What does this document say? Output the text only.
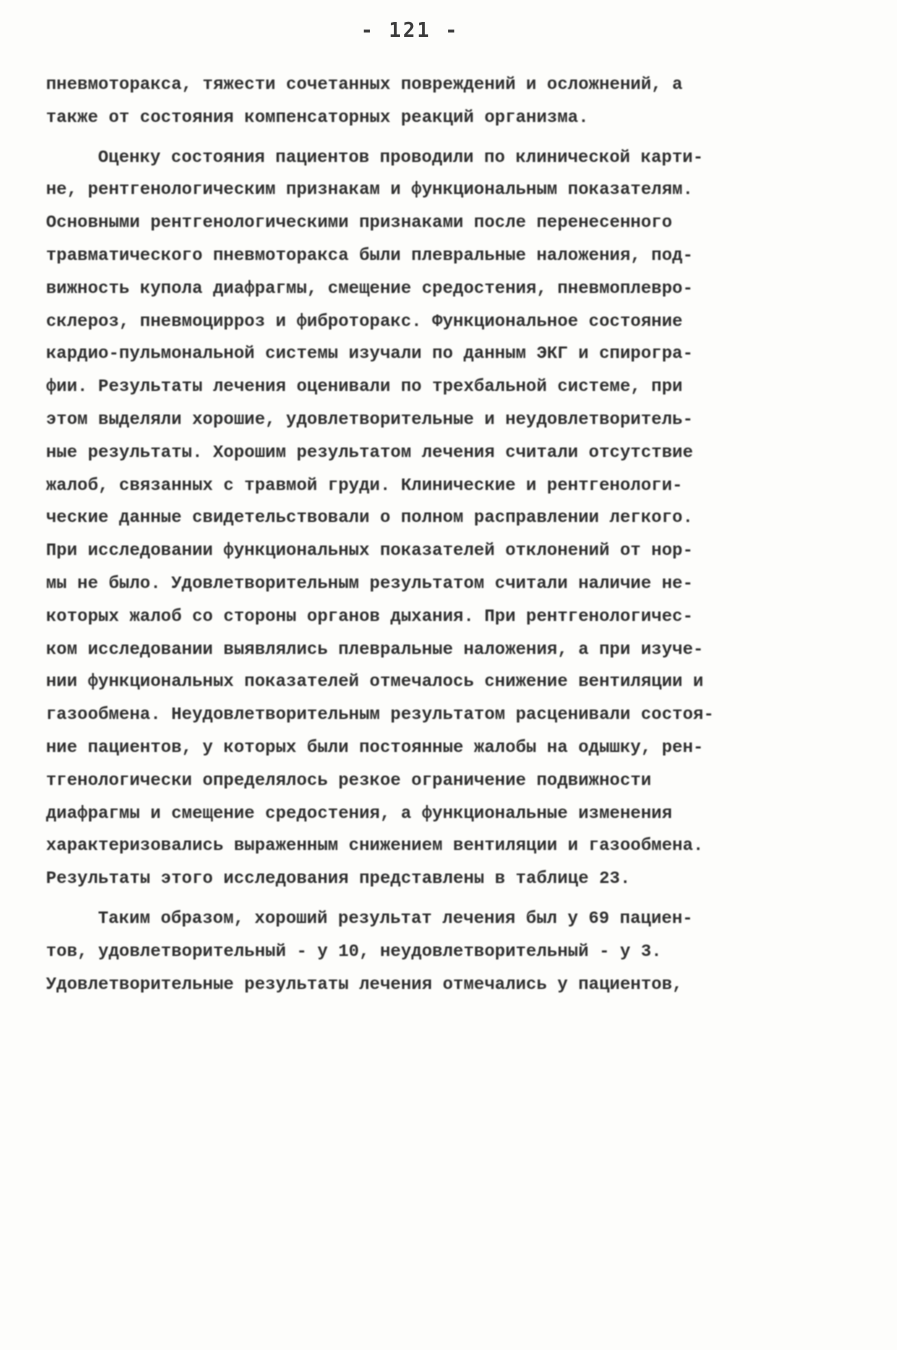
- 121 -
пневмоторакса, тяжести сочетанных повреждений и осложнений, а
также от состояния компенсаторных реакций организма.
Оценку состояния пациентов проводили по клинической карти-
не, рентгенологическим признакам и функциональным показателям.
Основными рентгенологическими признаками после перенесенного
травматического пневмоторакса были плевральные наложения, под-
вижность купола диафрагмы, смещение средостения, пневмоплевро-
склероз, пневмоцирроз и фиброторакс. Функциональное состояние
кардио-пульмональной системы изучали по данным ЭКГ и спирогра-
фии. Результаты лечения оценивали по трехбальной системе, при
этом выделяли хорошие, удовлетворительные и неудовлетворитель-
ные результаты. Хорошим результатом лечения считали отсутствие
жалоб, связанных с травмой груди. Клинические и рентгенологи-
ческие данные свидетельствовали о полном расправлении легкого.
При исследовании функциональных показателей отклонений от нор-
мы не было. Удовлетворительным результатом считали наличие не-
которых жалоб со стороны органов дыхания. При рентгенологичес-
ком исследовании выявлялись плевральные наложения, а при изуче-
нии функциональных показателей отмечалось снижение вентиляции и
газообмена. Неудовлетворительным результатом расценивали состоя-
ние пациентов, у которых были постоянные жалобы на одышку, рен-
тгенологически определялось резкое ограничение подвижности
диафрагмы и смещение средостения, а функциональные изменения
характеризовались выраженным снижением вентиляции и газообмена.
Результаты этого исследования представлены в таблице 23.
Таким образом, хороший результат лечения был у 69 пациен-
тов, удовлетворительный - у 10, неудовлетворительный - у 3.
Удовлетворительные результаты лечения отмечались у пациентов,
